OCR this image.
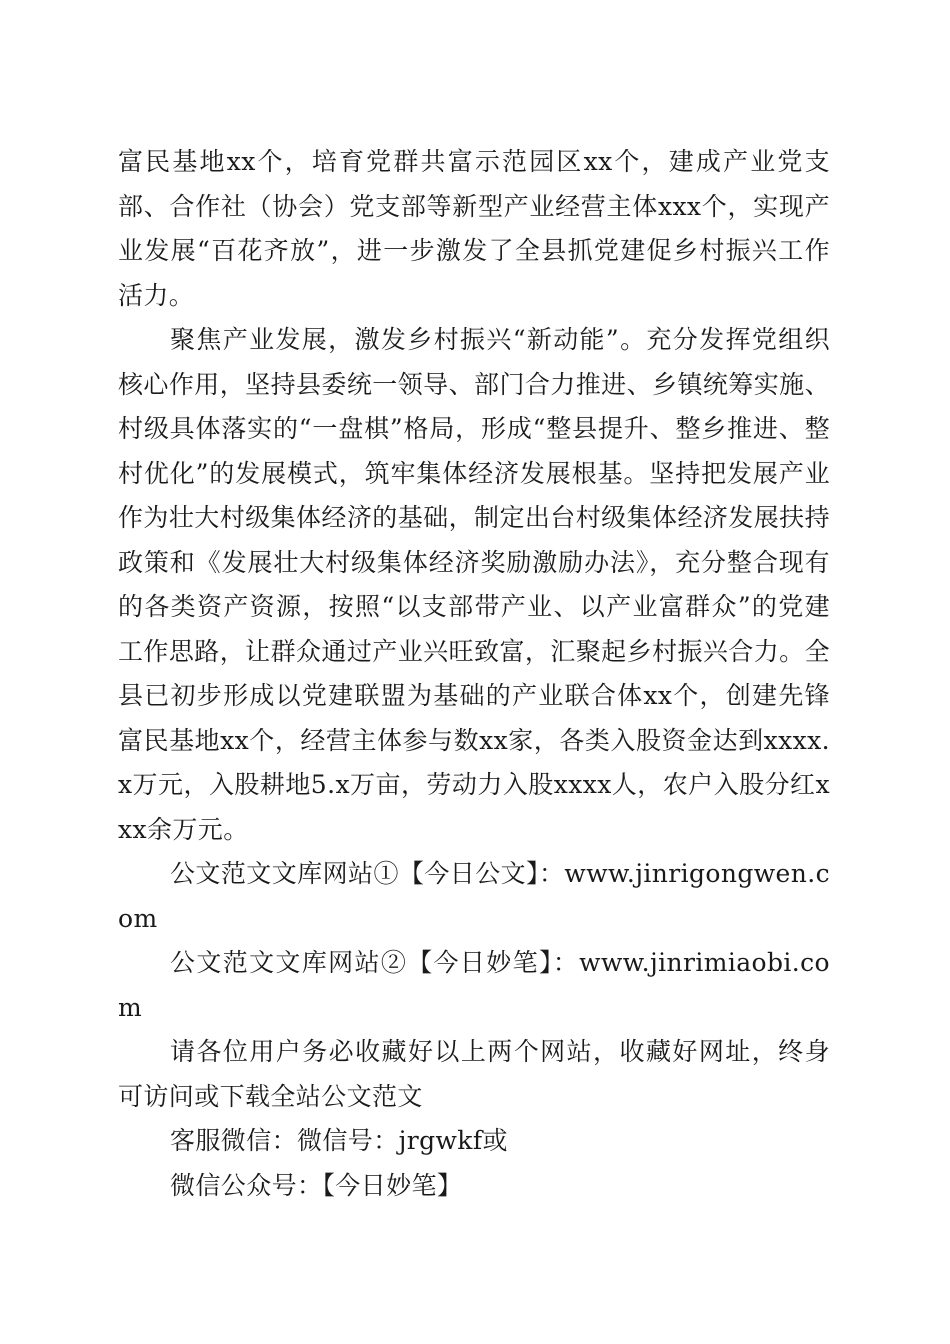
富民基地xx个，培育党群共富示范园区xx个，建成产业党支部、合作社（协会）党支部等新型产业经营主体xxx个，实现产业发展“百花齐放”，进一步激发了全县抓党建促乡村振兴工作活力。

聚焦产业发展，激发乡村振兴“新动能”。充分发挥党组织核心作用，坚持县委统一领导、部门合力推进、乡镇统筹实施、村级具体落实的“一盘棋”格局，形成“整县提升、整乡推进、整村优化”的发展模式，筑牢集体经济发展根基。坚持把发展产业作为壮大村级集体经济的基础，制定出台村级集体经济发展扶持政策和《发展壮大村级集体经济奖励激励办法》，充分整合现有的各类资产资源，按照“以支部带产业、以产业富群众”的党建工作思路，让群众通过产业兴旺致富，汇聚起乡村振兴合力。全县已初步形成以党建联盟为基础的产业联合体xx个，创建先锋富民基地xx个，经营主体参与数xx家，各类入股资金达到xxxx.x万元，入股耕地5.x万亩，劳动力入股xxxx人，农户入股分红xxx余万元。

公文范文文库网站①【今日公文】：www.jinrigongwen.com

公文范文文库网站②【今日妙笔】：www.jinrimiaobi.com

请各位用户务必收藏好以上两个网站，收藏好网址，终身可访问或下载全站公文范文

客服微信：微信号：jrgwkf或

微信公众号：【今日妙笔】
